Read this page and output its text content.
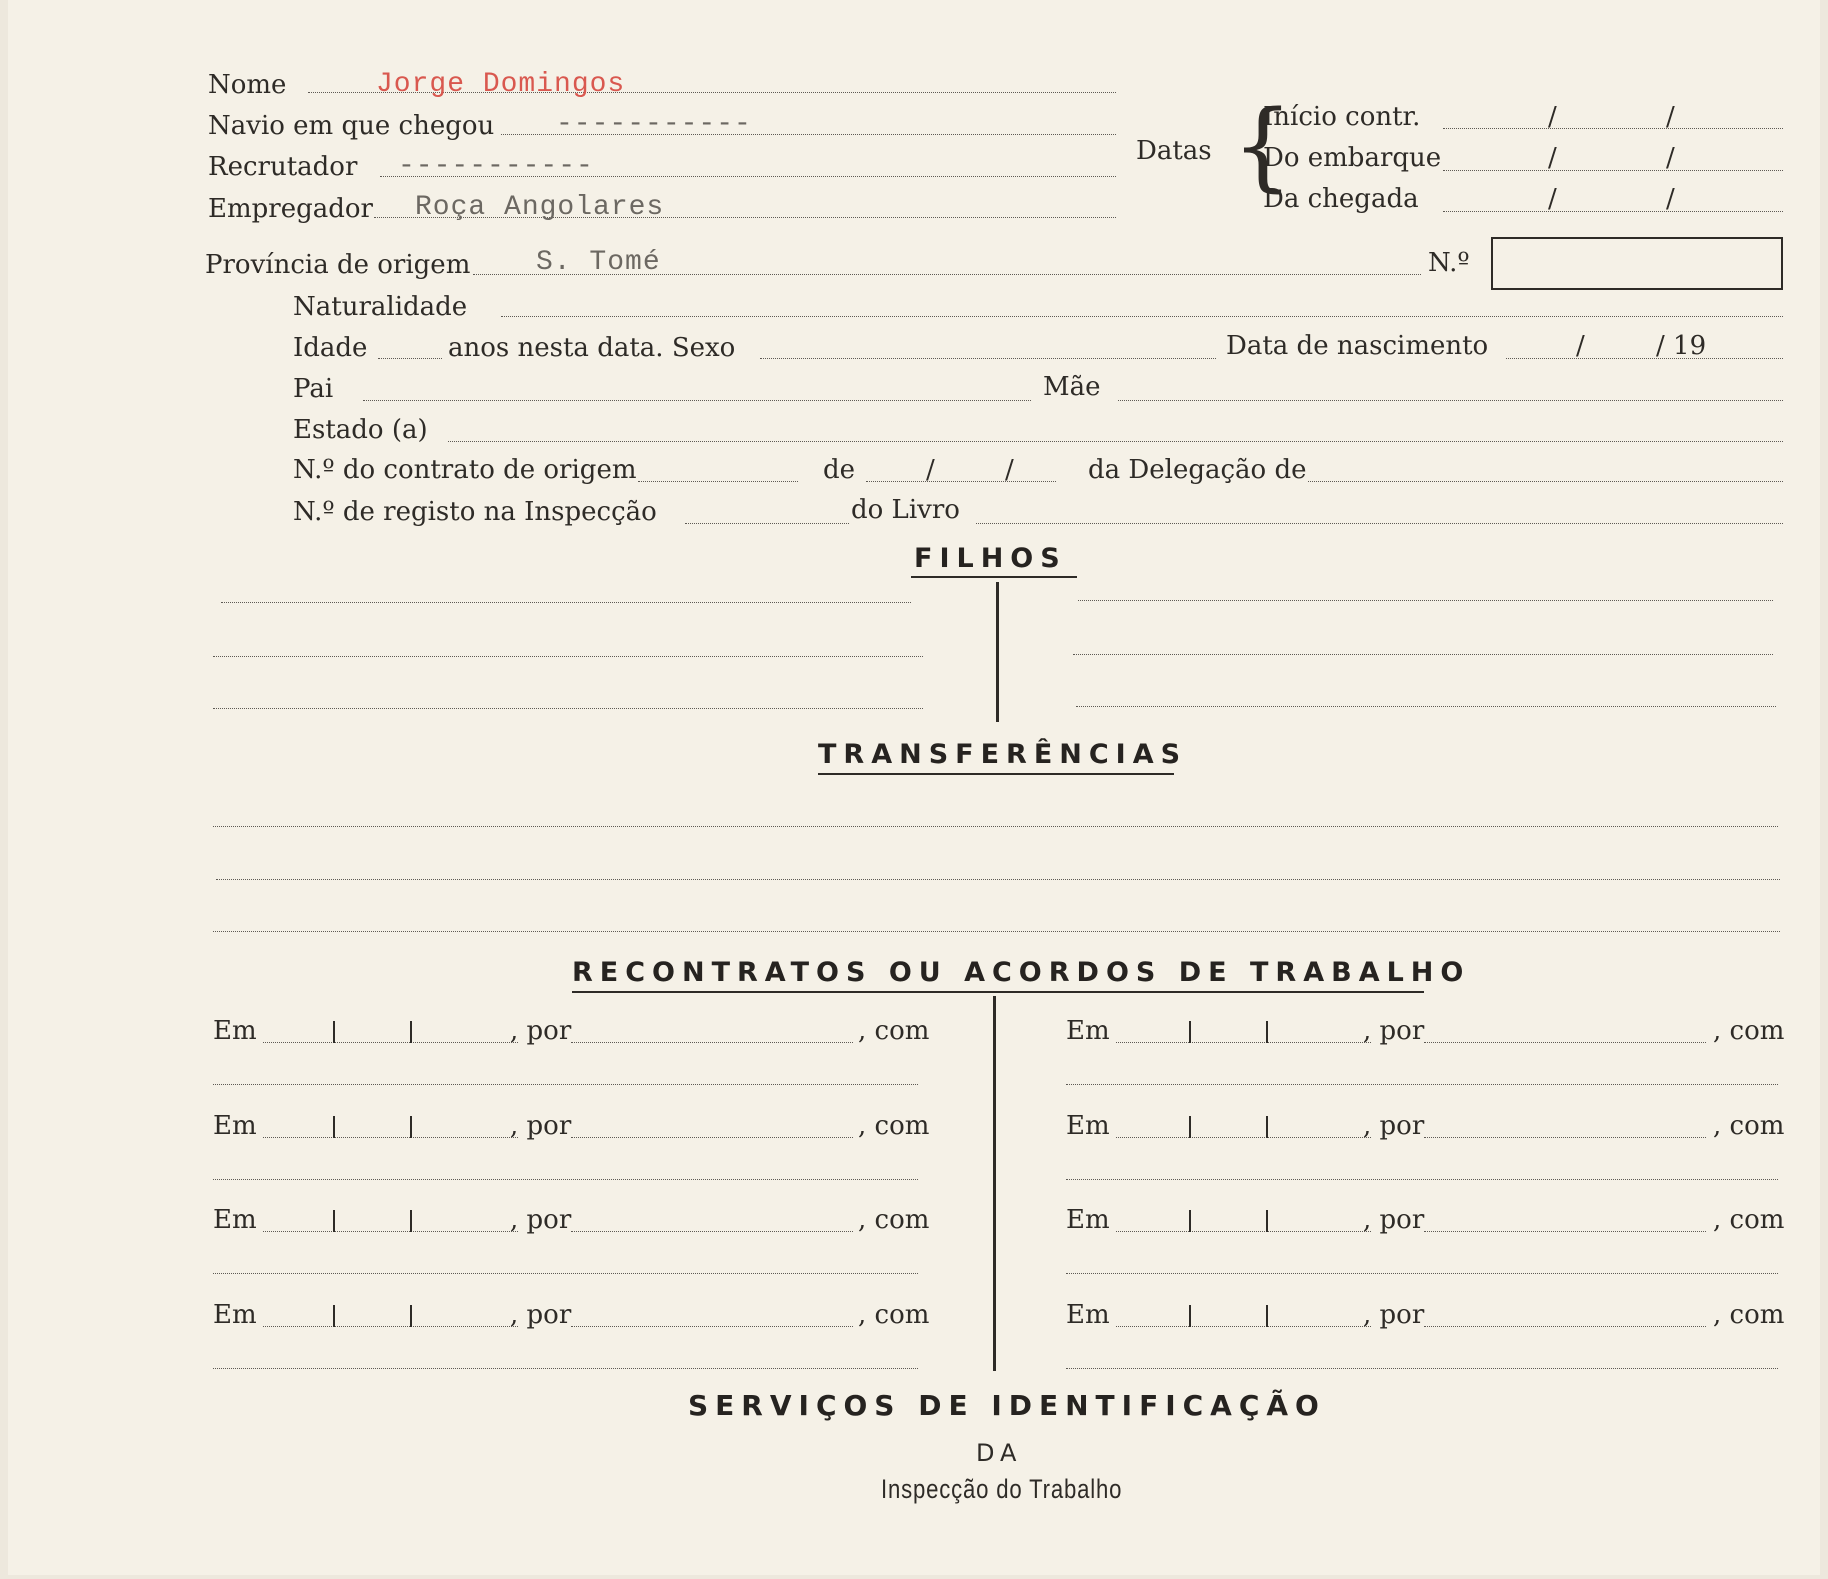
Nome	Jorge Domingos
Navio em que chegou -----------
Recrutador -----------
Empregador Roça Angolares
Datas {
Início contr.	/	/
Do embarque	/	/
Da chegada	/	/
Província de origem S. Tomé	N.º
Naturalidade
Idade	anos nesta data. Sexo	Data de nascimento	/	/ 19
Pai	Mãe
Estado (a)
N.º do contrato de origem	de	/	/	da Delegação de
N.º de registo na Inspecção	do Livro
FILHOS
TRANSFERÊNCIAS
RECONTRATOS OU ACORDOS DE TRABALHO
Em	, por	, com
Em	, por	, com
Em	, por	, com
Em	, por	, com
Em	, por	, com
Em	, por	, com
Em	, por	, com
Em	, por	, com
SERVIÇOS DE IDENTIFICAÇÃO
DA
Inspecção do Trabalho
